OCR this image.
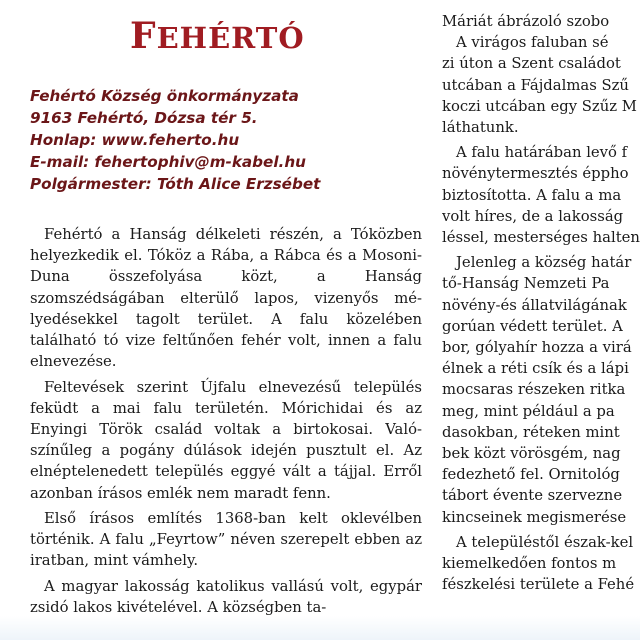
FEHÉRTÓ
Fehértó Község önkormányzata
9163 Fehértó, Dózsa tér 5.
Honlap: www.feherto.hu
E-mail: fehertophiv@m-kabel.hu
Polgármester: Tóth Alice Erzsébet

Fehértó a Hanság délkeleti részén, a Tóközben helyezkedik el. Tóköz a Rába, a Rábca és a Mosoni-Duna összefolyása közt, a Hanság szomszédságában elterülő lapos, vizenyős mélyedésekkel tagolt terület. A falu közelében található tó vize feltűnően fehér volt, innen a falu elnevezése.

Feltevések szerint Újfalu elnevezésű település feküdt a mai falu területén. Mórichidai és az Enyingi Török család voltak a birtokosai. Valószínűleg a pogány dúlások idején pusztult el. Az elnéptelenedett település eggyé vált a tájjal. Erről azonban írásos emlék nem maradt fenn.

Első írásos említés 1368-ban kelt oklevélben történik. A falu „Feyrtow” néven szerepelt ebben az iratban, mint vámhely.

A magyar lakosság katolikus vallású volt, egypár zsidó lakos kivételével. A községben ta-

Máriát ábrázoló szobo
A virágos faluban sé
zi úton a Szent családot
utcában a Fájdalmas Szű
koczi utcában egy Szűz M
láthatunk.
A falu határában levő f
növénytermesztés éppho
biztosította. A falu a ma
volt híres, de a lakosság
léssel, mesterséges halten
Jelenleg a község határ
tő-Hanság Nemzeti Pa
növény-és állatvilágának
gorúan védett terület. A
bor, gólyahír hozza a virá
élnek a réti csík és a lápi
mocsaras részeken ritka
meg, mint például a pa
dasokban, réteken mint
bek közt vörösgém, nag
fedezhető fel. Ornitológ
tábort évente szervezne
kincseinek megismerése
A településtől észak-kel
kiemelkedően fontos m
fészkelési területe a Fehé
